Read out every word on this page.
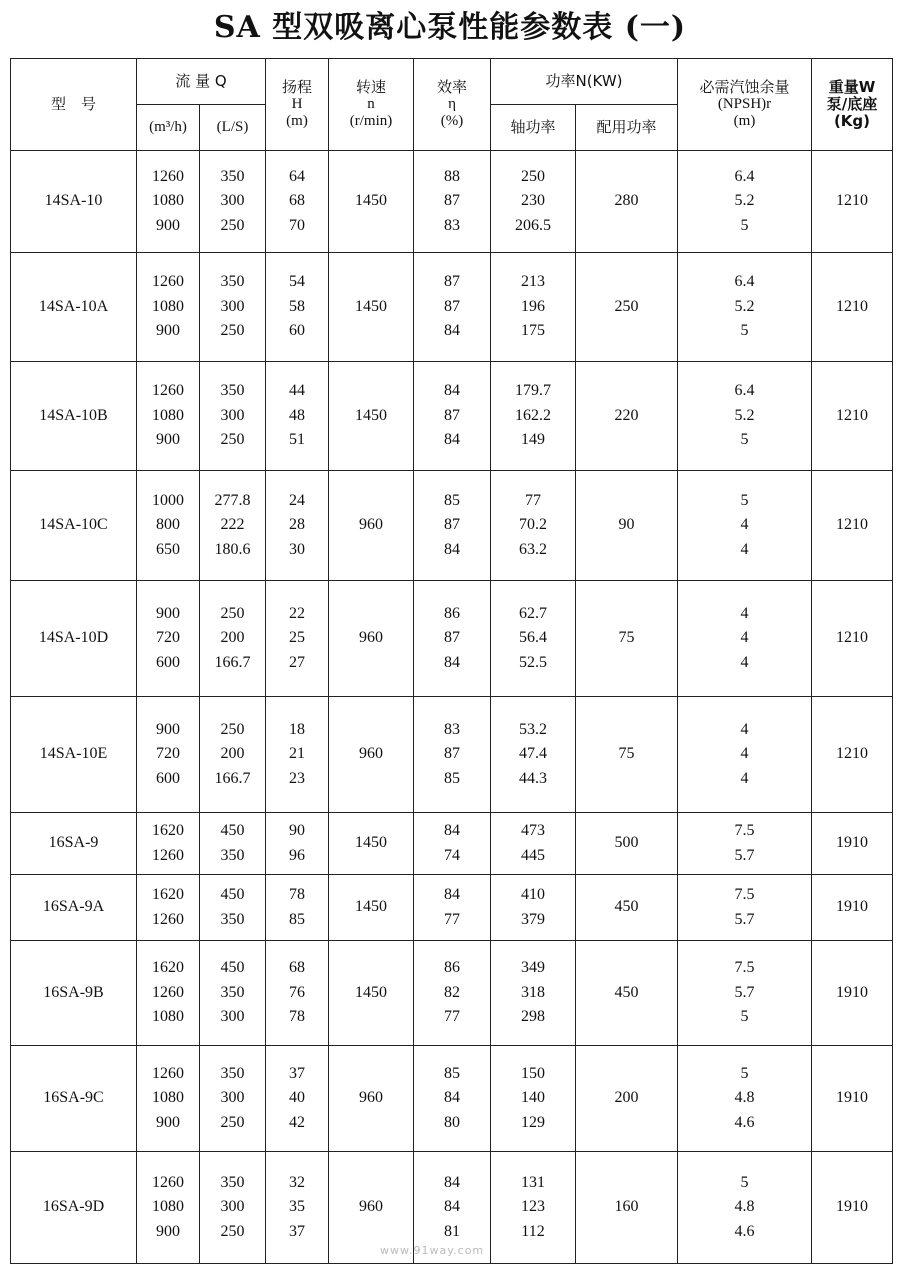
SA 型双吸离心泵性能参数表 (一)
型　号	流 量 Q		扬程
H
(m)	转速
n
(r/min)	效率
η
(%)	功率N(KW)		必需汽蚀余量
(NPSH)r
(m)	重量W
泵/底座
(Kg)

	(m³/h)	(L/S)				轴功率	配用功率		
14SA-10	1260
1080
900	350
300
250	64
68
70	1450	88
87
83	250
230
206.5	280	6.4
5.2
5	1210
14SA-10A	1260
1080
900	350
300
250	54
58
60	1450	87
87
84	213
196
175	250	6.4
5.2
5	1210
14SA-10B	1260
1080
900	350
300
250	44
48
51	1450	84
87
84	179.7
162.2
149	220	6.4
5.2
5	1210
14SA-10C	1000
800
650	277.8
222
180.6	24
28
30	960	85
87
84	77
70.2
63.2	90	5
4
4	1210
14SA-10D	900
720
600	250
200
166.7	22
25
27	960	86
87
84	62.7
56.4
52.5	75	4
4
4	1210
14SA-10E	900
720
600	250
200
166.7	18
21
23	960	83
87
85	53.2
47.4
44.3	75	4
4
4	1210
16SA-9	1620
1260	450
350	90
96	1450	84
74	473
445	500	7.5
5.7	1910
16SA-9A	1620
1260	450
350	78
85	1450	84
77	410
379	450	7.5
5.7	1910
16SA-9B	1620
1260
1080	450
350
300	68
76
78	1450	86
82
77	349
318
298	450	7.5
5.7
5	1910
16SA-9C	1260
1080
900	350
300
250	37
40
42	960	85
84
80	150
140
129	200	5
4.8
4.6	1910
16SA-9D	1260
1080
900	350
300
250	32
35
37	960	84
84
81	131
123
112	160	5
4.8
4.6	1910
www.91way.com
